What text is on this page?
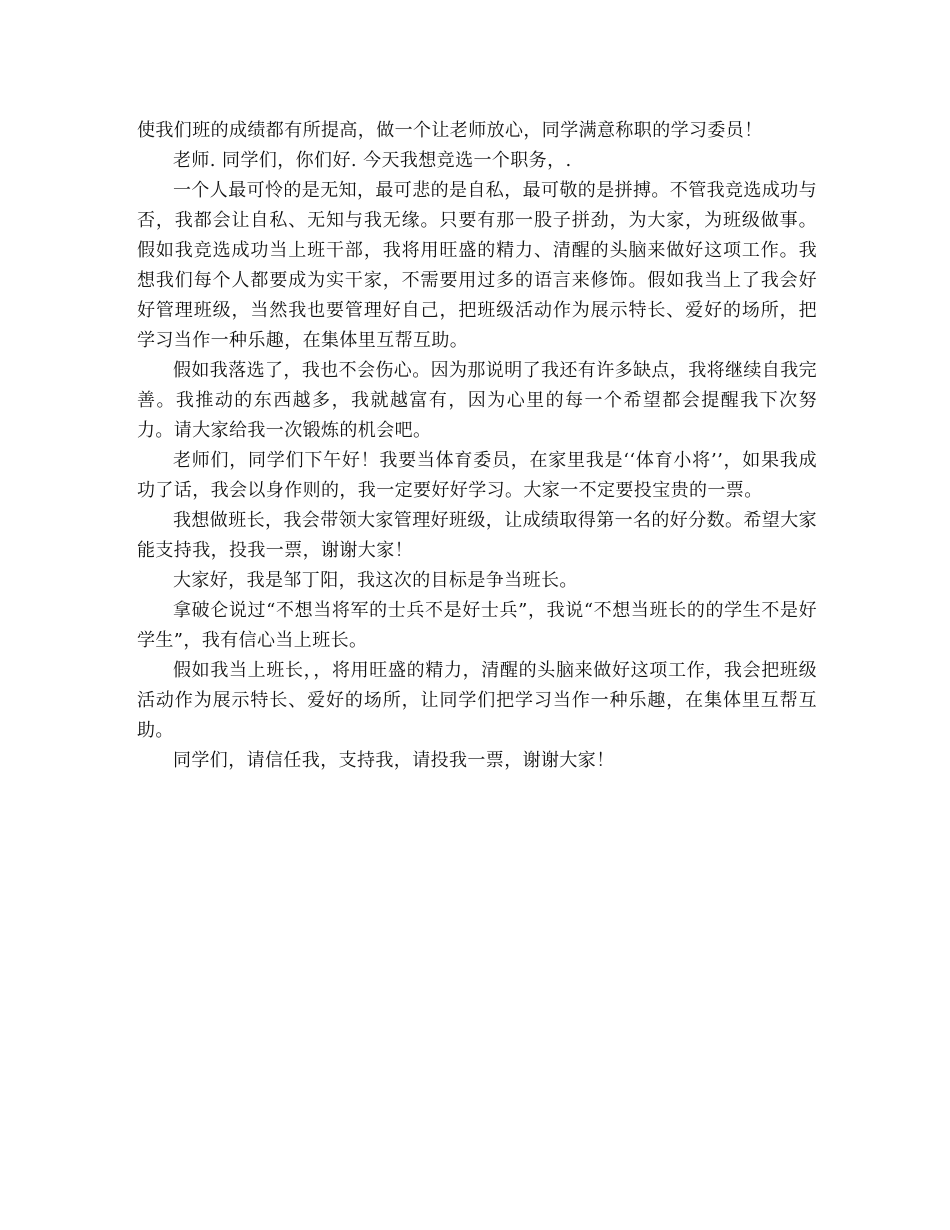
使我们班的成绩都有所提高，做一个让老师放心，同学满意称职的学习委员！

老师. 同学们，你们好. 今天我想竞选一个职务，.

一个人最可怜的是无知，最可悲的是自私，最可敬的是拼搏。不管我竞选成功与否，我都会让自私、无知与我无缘。只要有那一股子拼劲，为大家，为班级做事。假如我竞选成功当上班干部，我将用旺盛的精力、清醒的头脑来做好这项工作。我想我们每个人都要成为实干家，不需要用过多的语言来修饰。假如我当上了我会好好管理班级，当然我也要管理好自己，把班级活动作为展示特长、爱好的场所，把学习当作一种乐趣，在集体里互帮互助。

假如我落选了，我也不会伤心。因为那说明了我还有许多缺点，我将继续自我完善。我推动的东西越多，我就越富有，因为心里的每一个希望都会提醒我下次努力。请大家给我一次锻炼的机会吧。

老师们，同学们下午好！我要当体育委员，在家里我是‘‘体育小将’’，如果我成功了话，我会以身作则的，我一定要好好学习。大家一不定要投宝贵的一票。

我想做班长，我会带领大家管理好班级，让成绩取得第一名的好分数。希望大家能支持我，投我一票，谢谢大家！

大家好，我是邹丁阳，我这次的目标是争当班长。

拿破仑说过“不想当将军的士兵不是好士兵”，我说“不想当班长的的学生不是好学生”，我有信心当上班长。

假如我当上班长，，将用旺盛的精力，清醒的头脑来做好这项工作，我会把班级活动作为展示特长、爱好的场所，让同学们把学习当作一种乐趣，在集体里互帮互助。

同学们，请信任我，支持我，请投我一票，谢谢大家！
